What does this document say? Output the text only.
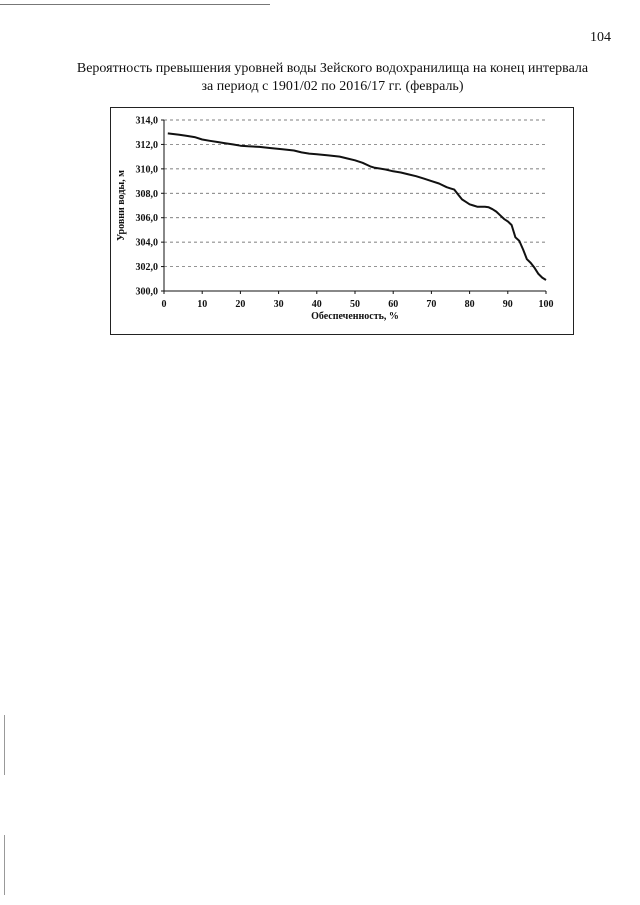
104
Вероятность превышения уровней воды Зейского водохранилища на конец интервала
за период с 1901/02 по 2016/17 гг. (февраль)
300,0
302,0
304,0
306,0
308,0
310,0
312,0
314,0
0	10	20	30	40	50	60	70	80	90	100
Обеспеченность, %
Уровни воды, м
